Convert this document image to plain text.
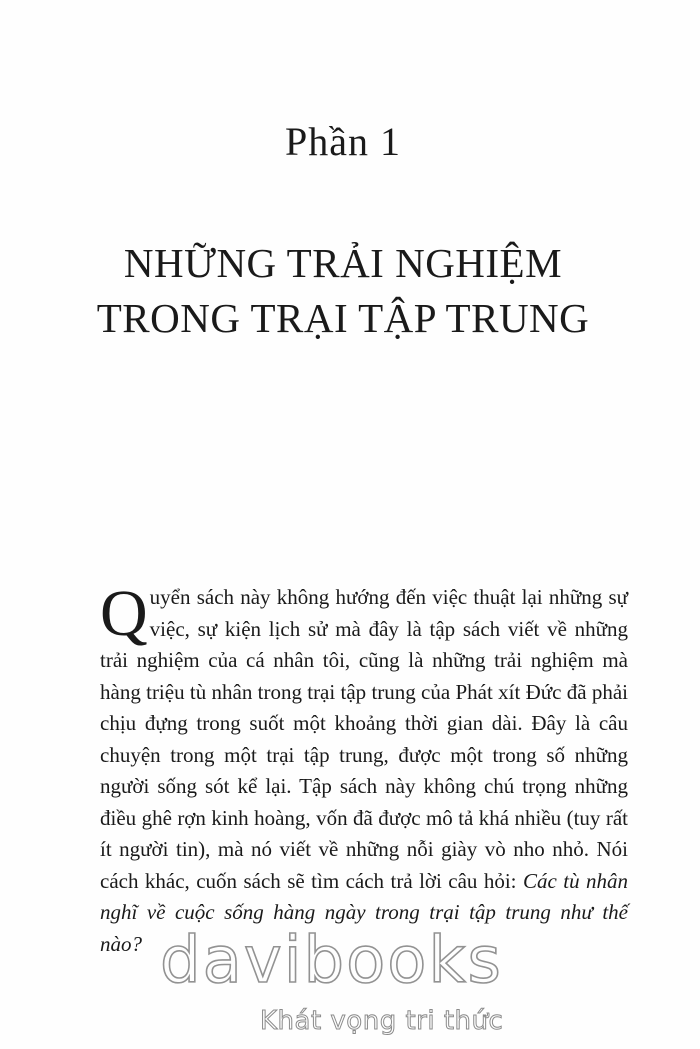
Phần 1
NHỮNG TRẢI NGHIỆM
TRONG TRẠI TẬP TRUNG

Quyển sách này không hướng đến việc thuật lại những sự việc, sự kiện lịch sử mà đây là tập sách viết về những trải nghiệm của cá nhân tôi, cũng là những trải nghiệm mà hàng triệu tù nhân trong trại tập trung của Phát xít Đức đã phải chịu đựng trong suốt một khoảng thời gian dài. Đây là câu chuyện trong một trại tập trung, được một trong số những người sống sót kể lại. Tập sách này không chú trọng những điều ghê rợn kinh hoàng, vốn đã được mô tả khá nhiều (tuy rất ít người tin), mà nó viết về những nỗi giày vò nho nhỏ. Nói cách khác, cuốn sách sẽ tìm cách trả lời câu hỏi: Các tù nhân nghĩ về cuộc sống hàng ngày trong trại tập trung như thế nào? davibooks
Khát vọng tri thức
